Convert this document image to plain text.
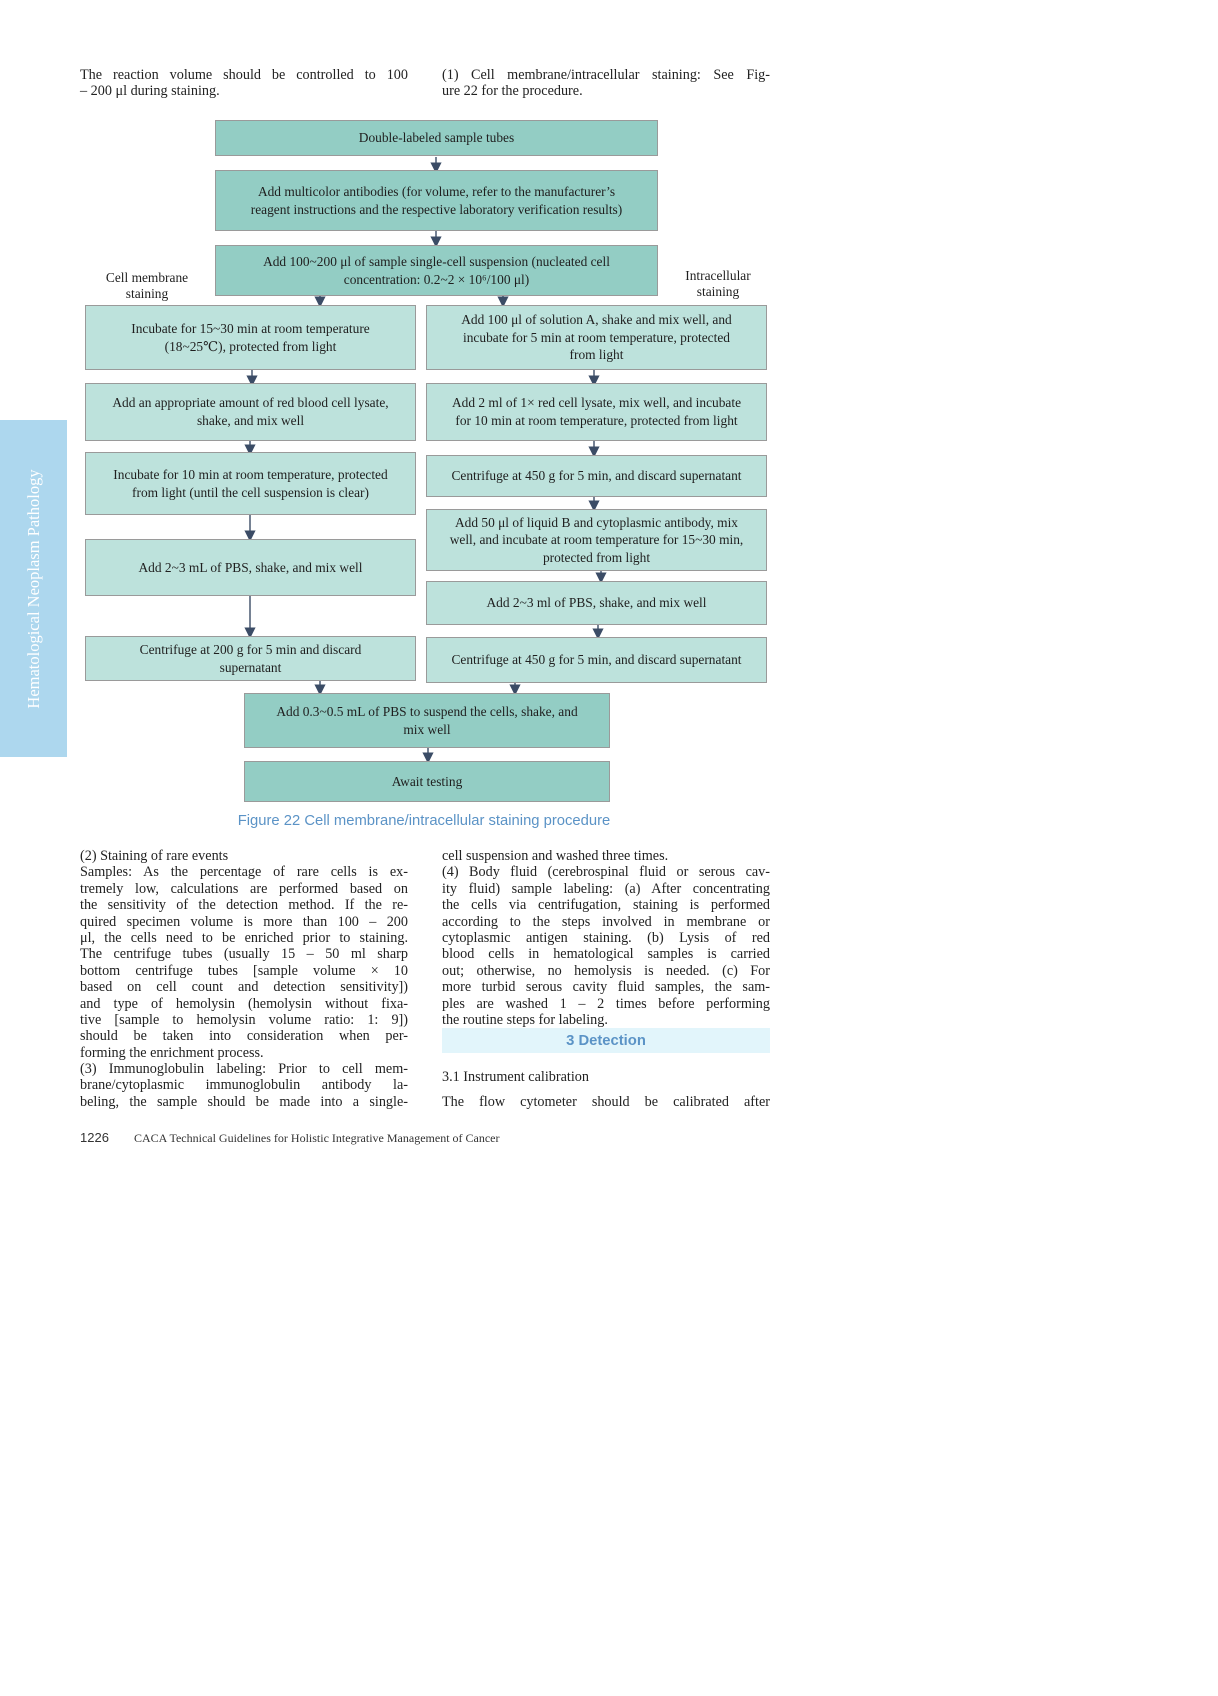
The reaction volume should be controlled to 100
– 200 μl during staining.
(1) Cell membrane/intracellular staining: See Fig-
ure 22 for the procedure.
Double-labeled sample tubes
Add multicolor antibodies (for volume, refer to the manufacturer’s
reagent instructions and the respective laboratory verification results)
Add 100~200 μl of sample single-cell suspension (nucleated cell
concentration: 0.2~2 × 10⁶/100 μl)
Cell membrane
staining
Intracellular
staining
Incubate for 15~30 min at room temperature
(18~25℃), protected from light
Add an appropriate amount of red blood cell lysate,
shake, and mix well
Incubate for 10 min at room temperature, protected
from light (until the cell suspension is clear)
Add 2~3 mL of PBS, shake, and mix well
Centrifuge at 200 g for 5 min and discard
supernatant
Add 100 μl of solution A, shake and mix well, and
incubate for 5 min at room temperature, protected
from light
Add 2 ml of 1× red cell lysate, mix well, and incubate
for 10 min at room temperature, protected from light
Centrifuge at 450 g for 5 min, and discard supernatant
Add 50 μl of liquid B and cytoplasmic antibody, mix
well, and incubate at room temperature for 15~30 min,
protected from light
Add 2~3 ml of PBS, shake, and mix well
Centrifuge at 450 g for 5 min, and discard supernatant
Add 0.3~0.5 mL of PBS to suspend the cells, shake, and
mix well
Await testing
Figure 22 Cell membrane/intracellular staining procedure
(2) Staining of rare events
Samples: As the percentage of rare cells is ex-
tremely low, calculations are performed based on
the sensitivity of the detection method. If the re-
quired specimen volume is more than 100 – 200
μl, the cells need to be enriched prior to staining.
The centrifuge tubes (usually 15 – 50 ml sharp
bottom centrifuge tubes [sample volume × 10
based on cell count and detection sensitivity])
and type of hemolysin (hemolysin without fixa-
tive [sample to hemolysin volume ratio: 1: 9])
should be taken into consideration when per-
forming the enrichment process.
(3) Immunoglobulin labeling: Prior to cell mem-
brane/cytoplasmic immunoglobulin antibody la-
beling, the sample should be made into a single-
cell suspension and washed three times.
(4) Body fluid (cerebrospinal fluid or serous cav-
ity fluid) sample labeling: (a) After concentrating
the cells via centrifugation, staining is performed
according to the steps involved in membrane or
cytoplasmic antigen staining. (b) Lysis of red
blood cells in hematological samples is carried
out; otherwise, no hemolysis is needed. (c) For
more turbid serous cavity fluid samples, the sam-
ples are washed 1 – 2 times before performing
the routine steps for labeling.
3 Detection
3.1 Instrument calibration
The flow cytometer should be calibrated after
Hematological Neoplasm Pathology
1226 CACA Technical Guidelines for Holistic Integrative Management of Cancer
